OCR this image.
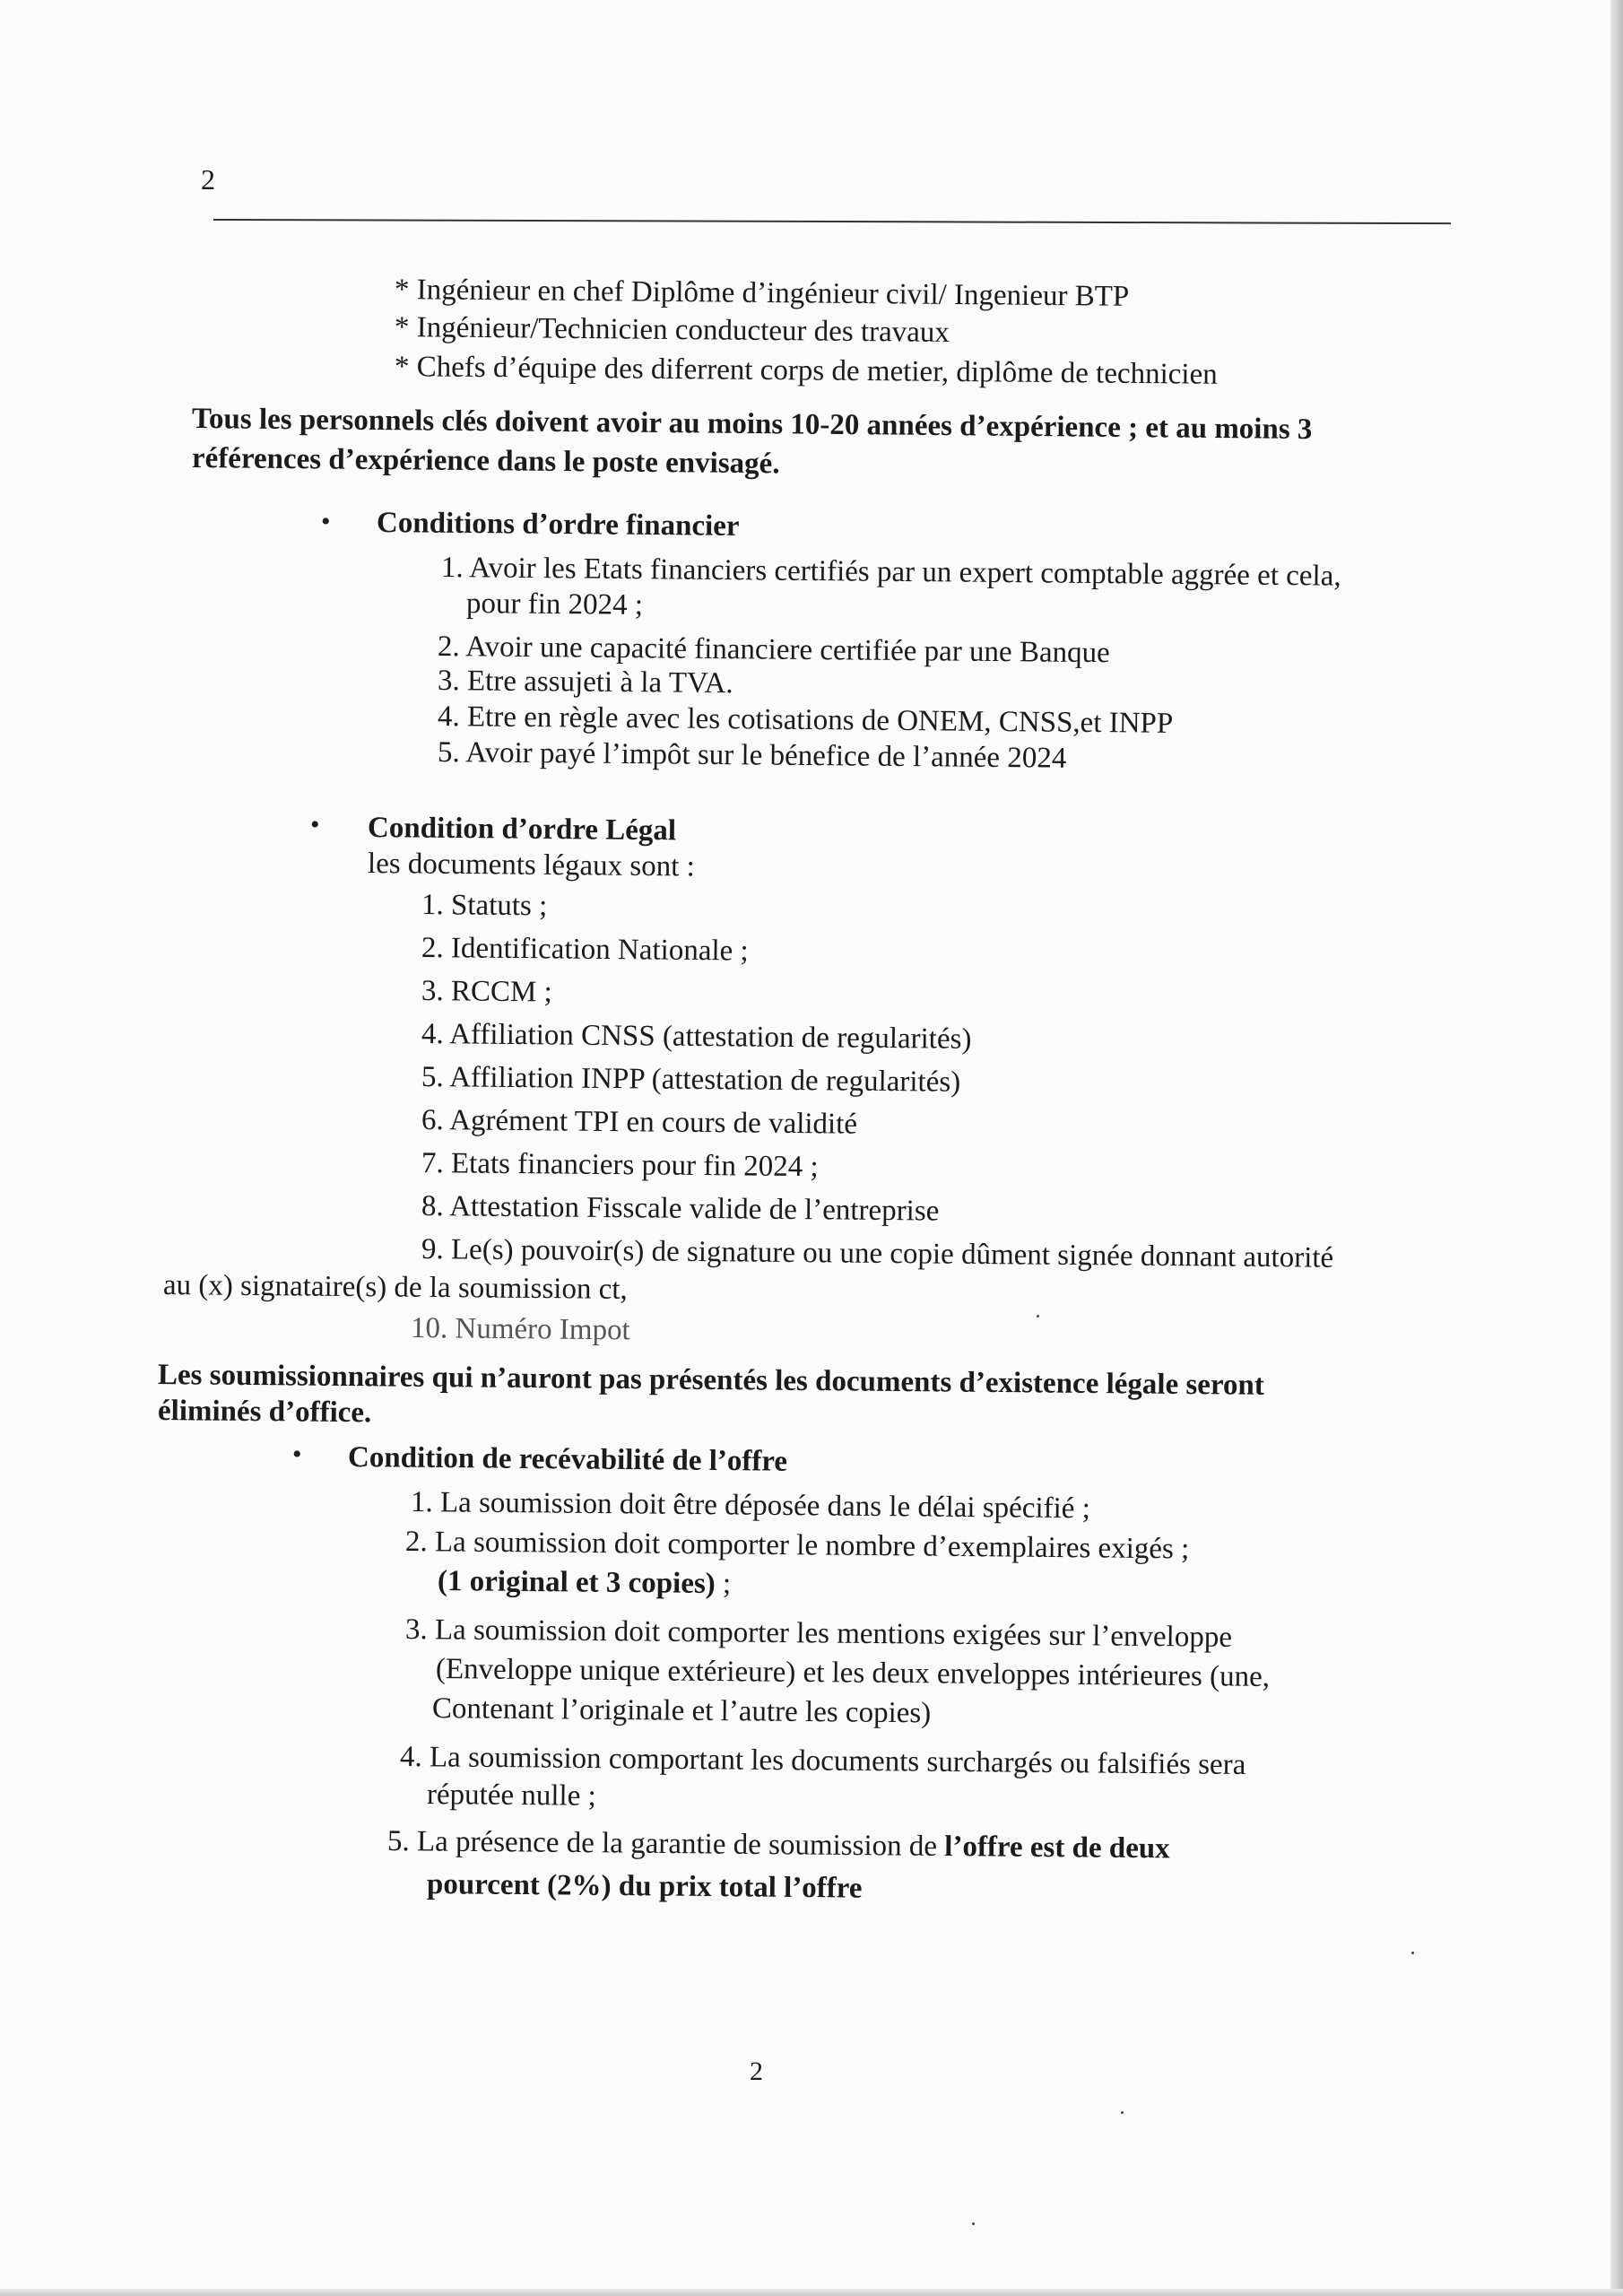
2
* Ingénieur en chef Diplôme d’ingénieur civil/ Ingenieur BTP
* Ingénieur/Technicien conducteur des travaux
* Chefs d’équipe des diferrent corps de metier, diplôme de technicien
Tous les personnels clés doivent avoir au moins 10-20 années d’expérience ; et au moins 3
références d’expérience dans le poste envisagé.
• Conditions d’ordre financier
1. Avoir les Etats financiers certifiés par un expert comptable aggrée et cela,
pour fin 2024 ;
2. Avoir une capacité financiere certifiée par une Banque
3. Etre assujeti à la TVA.
4. Etre en règle avec les cotisations de ONEM, CNSS,et INPP
5. Avoir payé l’impôt sur le bénefice de l’année 2024
• Condition d’ordre Légal
les documents légaux sont :
1. Statuts ;
2. Identification Nationale ;
3. RCCM ;
4. Affiliation CNSS (attestation de regularités)
5. Affiliation INPP (attestation de regularités)
6. Agrément TPI en cours de validité
7. Etats financiers pour fin 2024 ;
8. Attestation Fisscale valide de l’entreprise
9. Le(s) pouvoir(s) de signature ou une copie dûment signée donnant autorité
au (x) signataire(s) de la soumission ct,
10. Numéro Impot
Les soumissionnaires qui n’auront pas présentés les documents d’existence légale seront
éliminés d’office.
• Condition de recévabilité de l’offre
1. La soumission doit être déposée dans le délai spécifié ;
2. La soumission doit comporter le nombre d’exemplaires exigés ;
(1 original et 3 copies) ;
3. La soumission doit comporter les mentions exigées sur l’enveloppe
(Enveloppe unique extérieure) et les deux enveloppes intérieures (une,
Contenant l’originale et l’autre les copies)
4. La soumission comportant les documents surchargés ou falsifiés sera
réputée nulle ;
5. La présence de la garantie de soumission de l’offre est de deux
pourcent (2%) du prix total l’offre
2
